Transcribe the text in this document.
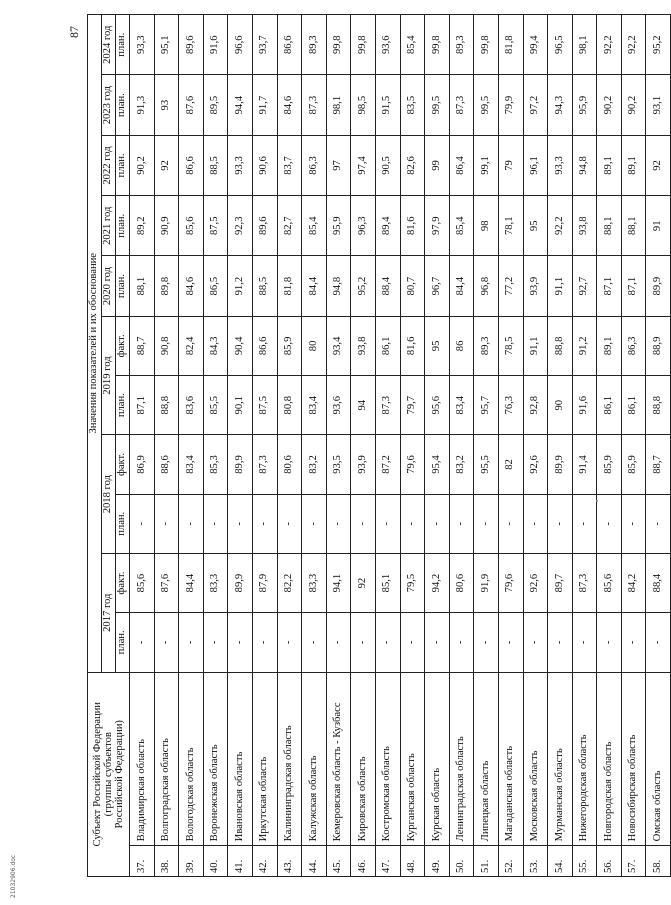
87
Субъект Российской Федерации (группы субъектов Российской Федерации)		Значения показателей и их обоснование										
		2017 год		2018 год		2019 год		2020 год	2021 год	2022 год	2023 год	2024 год
		план.	факт.	план.	факт.	план.	факт.	план.	план.	план.	план.	план.
37.	Владимирская область	-	85,6	-	86,9	87,1	88,7	88,1	89,2	90,2	91,3	93,3
38.	Волгоградская область	-	87,6	-	88,6	88,8	90,8	89,8	90,9	92	93	95,1
39.	Вологодская область	-	84,4	-	83,4	83,6	82,4	84,6	85,6	86,6	87,6	89,6
40.	Воронежская область	-	83,3	-	85,3	85,5	84,3	86,5	87,5	88,5	89,5	91,6
41.	Ивановская область	-	89,9	-	89,9	90,1	90,4	91,2	92,3	93,3	94,4	96,6
42.	Иркутская область	-	87,9	-	87,3	87,5	86,6	88,5	89,6	90,6	91,7	93,7
43.	Калининградская область	-	82,2	-	80,6	80,8	85,9	81,8	82,7	83,7	84,6	86,6
44.	Калужская область	-	83,3	-	83,2	83,4	80	84,4	85,4	86,3	87,3	89,3
45.	Кемеровская область - Кузбасс	-	94,1	-	93,5	93,6	93,4	94,8	95,9	97	98,1	99,8
46.	Кировская область	-	92	-	93,9	94	93,8	95,2	96,3	97,4	98,5	99,8
47.	Костромская область	-	85,1	-	87,2	87,3	86,1	88,4	89,4	90,5	91,5	93,6
48.	Курганская область	-	79,5	-	79,6	79,7	81,6	80,7	81,6	82,6	83,5	85,4
49.	Курская область	-	94,2	-	95,4	95,6	95	96,7	97,9	99	99,5	99,8
50.	Ленинградская область	-	80,6	-	83,2	83,4	86	84,4	85,4	86,4	87,3	89,3
51.	Липецкая область	-	91,9	-	95,5	95,7	89,3	96,8	98	99,1	99,5	99,8
52.	Магаданская область	-	79,6	-	82	76,3	78,5	77,2	78,1	79	79,9	81,8
53.	Московская область	-	92,6	-	92,6	92,8	91,1	93,9	95	96,1	97,2	99,4
54.	Мурманская область	-	89,7	-	89,9	90	88,8	91,1	92,2	93,3	94,3	96,5
55.	Нижегородская область	-	87,3	-	91,4	91,6	91,2	92,7	93,8	94,8	95,9	98,1
56.	Новгородская область	-	85,6	-	85,9	86,1	89,1	87,1	88,1	89,1	90,2	92,2
57.	Новосибирская область	-	84,2	-	85,9	86,1	86,3	87,1	88,1	89,1	90,2	92,2
58.	Омская область	-	88,4	-	88,7	88,8	88,9	89,9	91	92	93,1	95,2
21032906.doc
